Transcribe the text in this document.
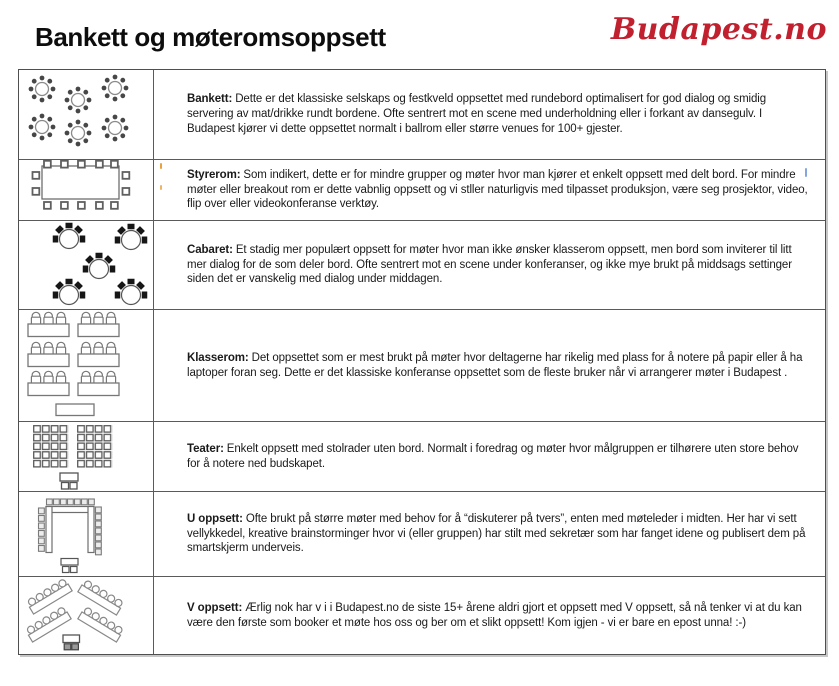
Bankett og møteromsoppsett	Budapest.no

Bankett: Dette er det klassiske selskaps og festkveld oppsettet med rundebord optimalisert for god dialog og smidig servering av mat/drikke rundt bordene. Ofte sentrert mot en scene med underholdning eller i forkant av dansegulv. I Budapest kjører vi dette oppsettet normalt i ballrom eller større venues for 100+ gjester.

Styrerom: Som indikert, dette er for mindre grupper og møter hvor man kjører et enkelt oppsett med delt bord. For mindre møter eller breakout rom er dette vabnlig oppsett og vi stller naturligvis med tilpasset produksjon, være seg prosjektor, video, flip over eller videokonferanse verktøy.

Cabaret: Et stadig mer populært oppsett for møter hvor man ikke ønsker klasserom oppsett, men bord som inviterer til litt mer dialog for de som deler bord. Ofte sentrert mot en scene under konferanser, og ikke mye brukt på middsags settinger siden det er vanskelig med dialog under middagen.

Klasserom: Det oppsettet som er mest brukt på møter hvor deltagerne har rikelig med plass for å notere på papir eller å ha laptoper foran seg. Dette er det klassiske konferanse oppsettet som de fleste bruker når vi arrangerer møter i Budapest .

Teater: Enkelt oppsett med stolrader uten bord. Normalt i foredrag og møter hvor målgruppen er tilhørere uten store behov for å notere ned budskapet.

U oppsett: Ofte brukt på større møter med behov for å “diskuterer på tvers”, enten med møteleder i midten. Her har vi sett vellykkedel, kreative brainstorminger hvor vi (eller gruppen) har stilt med sekretær som har fanget idene og publisert dem på smartskjerm underveis.

V oppsett: Ærlig nok har v i i Budapest.no de siste 15+ årene aldri gjort et oppsett med V oppsett, så nå tenker vi at du kan være den første som booker et møte hos oss og ber om et slikt oppsett! Kom igjen - vi er bare en epost unna! :-)
